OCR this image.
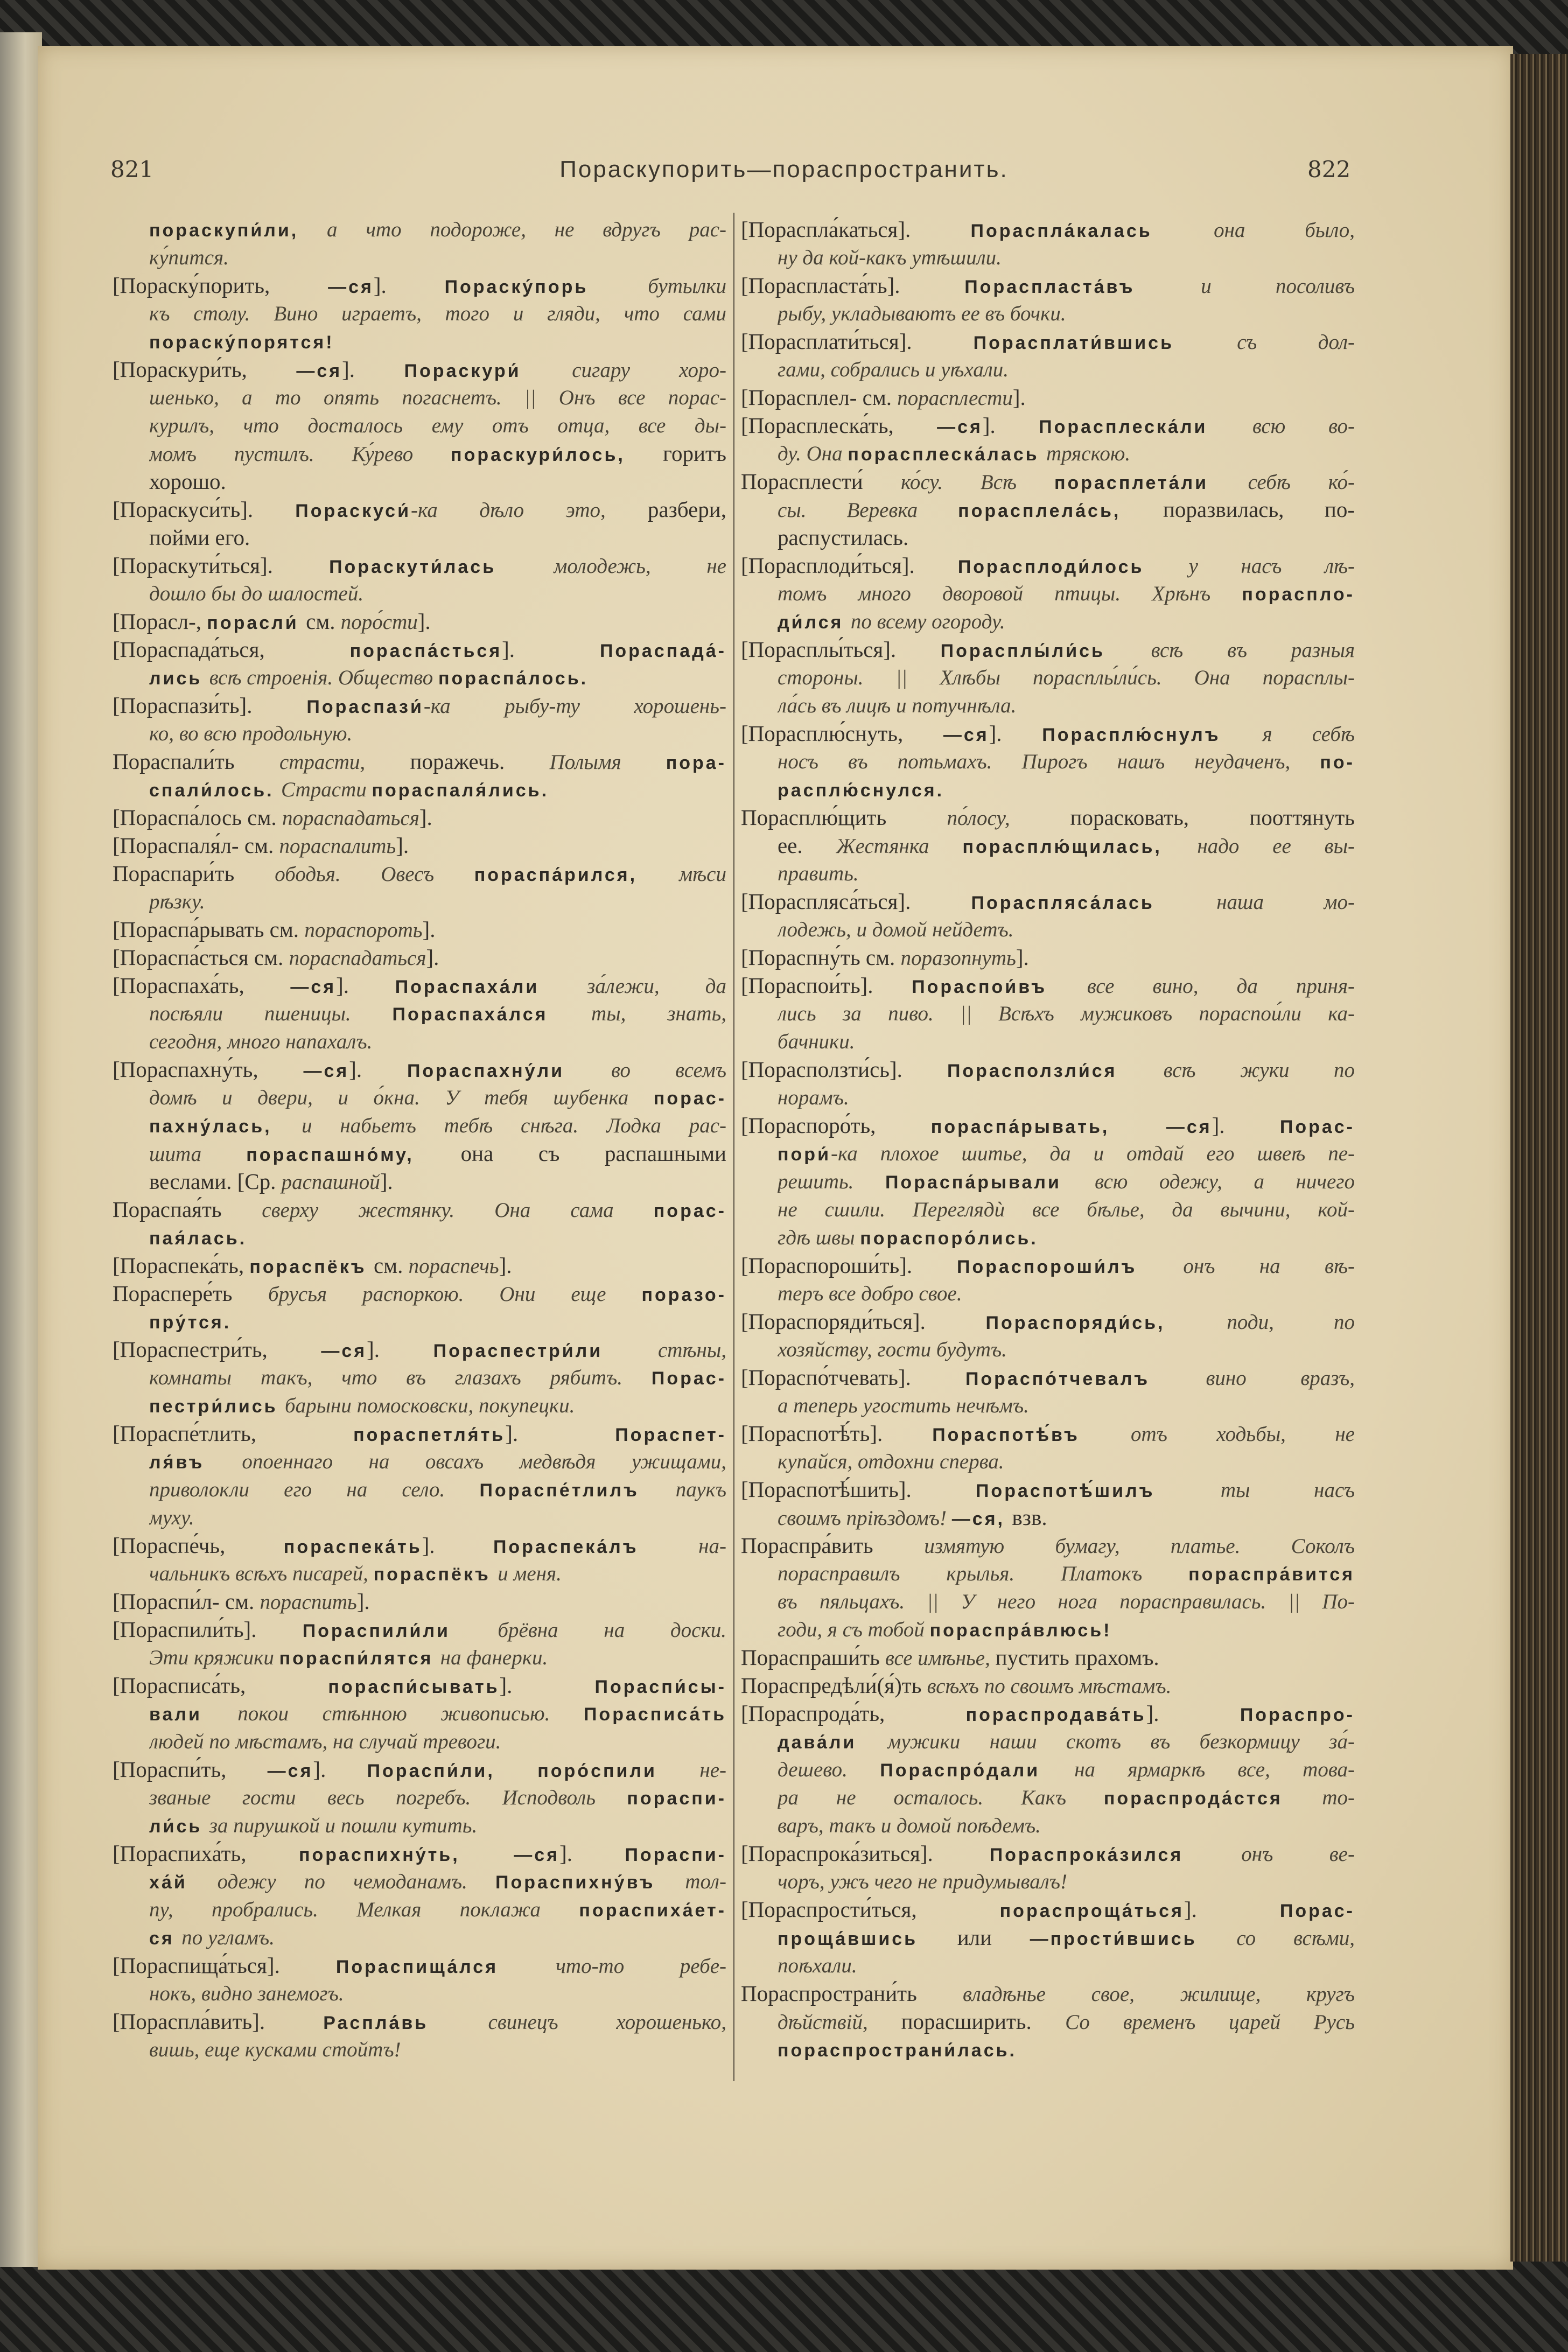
821	Пораскупорить—пораспространить.	822
пораскупи́ли, а что подороже, не вдругъ рас-
ку́пится.
[Пораску́порить, —ся]. Пораску́порь бутылки
къ столу. Вино играетъ, того и гляди, что сами
пораску́порятся!
[Пораскури́ть, —ся]. Пораскури́ сигару хоро-
шенько, а то опять погаснетъ. || Онъ все порас-
курилъ, что досталось ему отъ отца, все ды-
момъ пустилъ. Ку́рево пораскури́лось, горитъ
хорошо.
[Пораскуси́ть]. Пораскуси́-ка дѣло это, разбери,
пойми его.
[Пораскути́ться]. Пораскути́лась молодежь, не
дошло бы до шалостей.
[Порасл-, порасли́ см. поро́сти].
[Пораспада́ться, пораспа́сться]. Пораспада́-
лись всѣ строенія. Общество пораспа́лось.
[Пораспази́ть]. Пораспази́-ка рыбу-ту хорошень-
ко, во всю продольную.
Пораспали́ть страсти, поражечь. Полымя пора-
спали́лось. Страсти пораспаля́лись.
[Пораспа́лось см. пораспадаться].
[Пораспаля́л- см. пораспалить].
Пораспари́ть ободья. Овесъ пораспа́рился, мѣси
рѣзку.
[Пораспа́рывать см. пораспороть].
[Пораспа́сться см. пораспадаться].
[Пораспаха́ть, —ся]. Пораспаха́ли за́лежи, да
посѣяли пшеницы. Пораспаха́лся ты, знать,
сегодня, много напахалъ.
[Пораспахну́ть, —ся]. Пораспахну́ли во всемъ
домѣ и двери, и о́кна. У тебя шубенка порас-
пахну́лась, и набьетъ тебѣ снѣга. Лодка рас-
шита пораспашно́му, она съ распашными
веслами. [Ср. распашной].
Пораспая́ть сверху жестянку. Она сама порас-
пая́лась.
[Пораспека́ть, пораспёкъ см. пораспечь].
Пораспере́ть брусья распоркою. Они еще поразо-
пру́тся.
[Пораспестри́ть, —ся]. Пораспестри́ли стѣны,
комнаты такъ, что въ глазахъ рябитъ. Порас-
пестри́лись барыни помосковски, покупецки.
[Пораспе́тлить, пораспетля́ть]. Пораспет-
ля́въ опоеннаго на овсахъ медвѣдя ужищами,
приволокли его на село. Пораспе́тлилъ паукъ
муху.
[Пораспе́чь, пораспека́ть]. Пораспека́лъ на-
чальникъ всѣхъ писарей, пораспёкъ и меня.
[Пораспи́л- см. пораспить].
[Пораспили́ть]. Пораспили́ли брёвна на доски.
Эти кряжики пораспи́лятся на фанерки.
[Порасписа́ть, пораспи́сывать]. Пораспи́сы-
вали покои стѣнною живописью. Порасписа́ть
людей по мѣстамъ, на случай тревоги.
[Пораспи́ть, —ся]. Пораспи́ли, поро́спили не-
званые гости весь погребъ. Исподволь пораспи-
ли́сь за пирушкой и пошли кутить.
[Пораспиха́ть, пораспихну́ть, —ся]. Пораспи-
ха́й одежу по чемоданамъ. Пораспихну́въ тол-
пу, пробрались. Мелкая поклажа пораспиха́ет-
ся по угламъ.
[Пораспища́ться]. Пораспища́лся что-то ребе-
нокъ, видно занемогъ.
[Порaспла́вить]. Распла́вь свинецъ хорошенько,
вишь, еще кусками стойтъ!
[Порaспла́каться]. Пораспла́калась она было,
ну да кой-какъ утѣшили.
[Пораспласта́ть]. Пораспласта́въ и посоливъ
рыбу, укладываютъ ее въ бочки.
[Порасплати́ться]. Порасплати́вшись съ дол-
гами, собрались и уѣхали.
[Порасплел- см. порасплести].
[Порасплеска́ть, —ся]. Порасплеска́ли всю во-
ду. Она порасплеска́лась тряскою.
Порасплести́ ко́су. Всѣ порасплета́ли себѣ ко́-
сы. Веревка порасплела́сь, поразвилась, по-
распустилась.
[Порасплоди́ться]. Порасплоди́лось у насъ лѣ-
томъ много дворовой птицы. Хрѣнъ пораспло-
ди́лся по всему огороду.
[Порасплы́ться]. Порасплы́ли́сь всѣ въ разныя
стороны. || Хлѣбы порасплы́ли́сь. Она порасплы-
ла́сь въ лицѣ и потучнѣла.
[Порасплю́снуть, —ся]. Порасплю́снулъ я себѣ
носъ въ потьмахъ. Пирогъ нашъ неудаченъ, по-
расплю́снулся.
Порасплю́щить по́лосу, порасковать, пооттянуть
ее. Жестянка порасплю́щилась, надо ее вы-
править.
[Пораспляса́ться]. Пораспляса́лась наша мо-
лодежь, и домой нейдетъ.
[Пораспну́ть см. поразопнуть].
[Пораспои́ть]. Пораспои́въ все вино, да приня-
лись за пиво. || Всѣхъ мужиковъ пораспои́ли ка-
бачники.
[Порасползти́сь]. Порасползли́ся всѣ жуки по
норамъ.
[Пораспоро́ть, пораспа́рывать, —ся]. Порас-
пори́-ка плохое шитье, да и отдай его швеѣ пе-
решить. Пораспа́рывали всю одежу, а ничего
не сшили. Переглядѝ все бѣлье, да вычини, кой-
гдѣ швы пораспоро́лись.
[Пораспороши́ть]. Пораспороши́лъ онъ на вѣ-
теръ все добро свое.
[Пораспоряди́ться]. Пораспоряди́сь, поди, по
хозяйству, гости будутъ.
[Пораспо́тчевать]. Пораспо́тчевалъ вино вразъ,
а теперь угостить нечѣмъ.
[Пораспотѣ́ть]. Пораспотѣ́въ отъ ходьбы, не
купайся, отдохни сперва.
[Пораспотѣ́шить]. Пораспотѣ́шилъ ты насъ
своимъ пріѣздомъ! —ся, взв.
Пораспра́вить измятую бумагу, платье. Соколъ
порасправилъ крылья. Платокъ пораспра́вится
въ пяльцахъ. || У него нога порасправилась. || По-
годи, я съ тобой пораспра́влюсь!
Пораспраши́ть все имѣнье, пустить прахомъ.
Пораспредѣли́(я́)ть всѣхъ по своимъ мѣстамъ.
[Пораспрода́ть, пораспродава́ть]. Пораспро-
дава́ли мужики наши скотъ въ безкормицу за́-
дешево. Пораспро́дали на ярмаркѣ все, това-
ра не осталось. Какъ пораспрода́стся то-
варъ, такъ и домой поѣдемъ.
[Пораспрока́зиться]. Пораспрока́зился онъ ве-
чоръ, ужъ чего не придумывалъ!
[Пораспрости́ться, пораспроща́ться]. Порас-
проща́вшись или —прости́вшись со всѣми,
поѣхали.
Пораспространи́ть владѣнье свое, жилище, кругъ
дѣйствій, порасширить. Со временъ царей Русь
пораспространи́лась.
